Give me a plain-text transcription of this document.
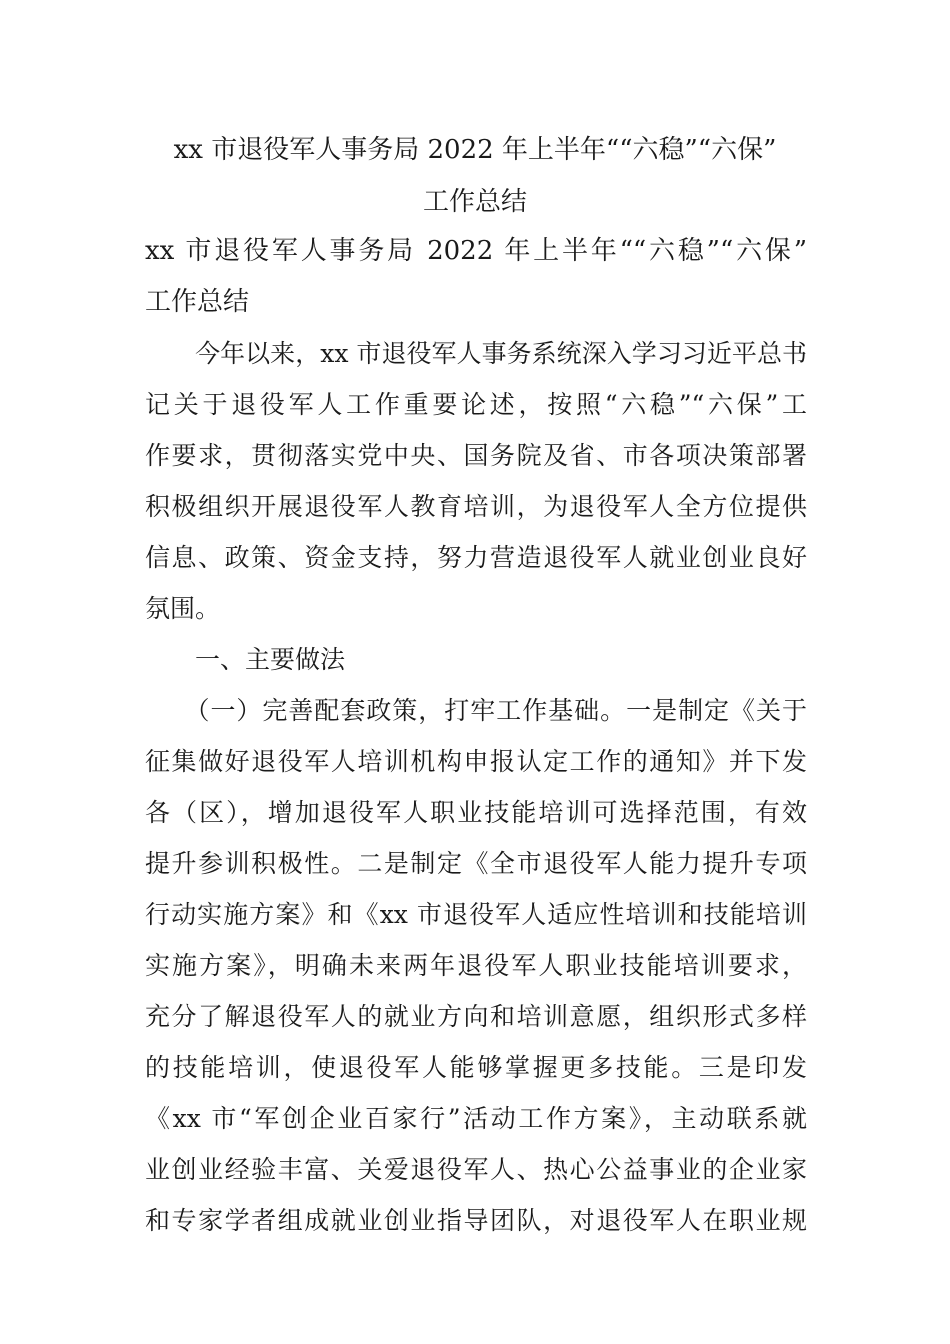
xx 市退役军人事务局 2022 年上半年““六稳”“六保”
工作总结
xx 市退役军人事务局 2022 年上半年““六稳”“六保”
工作总结
　　今年以来，xx 市退役军人事务系统深入学习习近平总书
记关于退役军人工作重要论述，按照“六稳”“六保”工
作要求，贯彻落实党中央、国务院及省、市各项决策部署
积极组织开展退役军人教育培训，为退役军人全方位提供
信息、政策、资金支持，努力营造退役军人就业创业良好
氛围。
　　一、主要做法
　　（一）完善配套政策，打牢工作基础。一是制定《关于
征集做好退役军人培训机构申报认定工作的通知》并下发
各（区），增加退役军人职业技能培训可选择范围，有效
提升参训积极性。二是制定《全市退役军人能力提升专项
行动实施方案》和《xx 市退役军人适应性培训和技能培训
实施方案》，明确未来两年退役军人职业技能培训要求，
充分了解退役军人的就业方向和培训意愿，组织形式多样
的技能培训，使退役军人能够掌握更多技能。三是印发
《xx 市“军创企业百家行”活动工作方案》，主动联系就
业创业经验丰富、关爱退役军人、热心公益事业的企业家
和专家学者组成就业创业指导团队，对退役军人在职业规
